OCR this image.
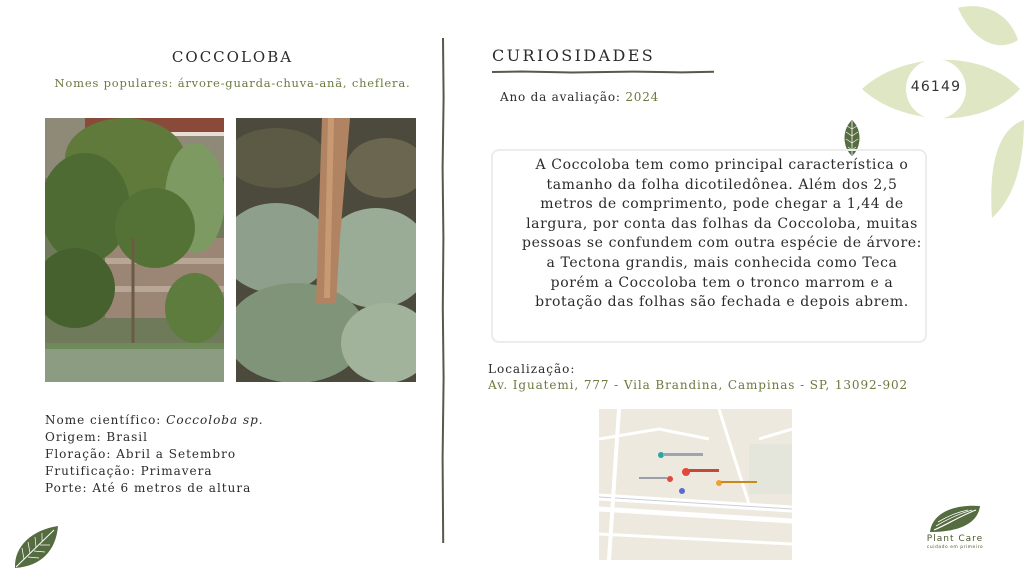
COCCOLOBA
Nomes populares: árvore-guarda-chuva-anã, cheflera.
Nome científico: Coccoloba sp.
Origem: Brasil
Floração: Abril a Setembro
Frutificação: Primavera
Porte: Até 6 metros de altura
CURIOSIDADES
Ano da avaliação: 2024
A Coccoloba tem como principal característica o tamanho da folha dicotiledônea. Além dos 2,5 metros de comprimento, pode chegar a 1,44 de largura, por conta das folhas da Coccoloba, muitas pessoas se confundem com outra espécie de árvore: a Tectona grandis, mais conhecida como Teca porém a Coccoloba tem o tronco marrom e a brotação das folhas são fechada e depois abrem.
Localização:
Av. Iguatemi, 777 - Vila Brandina, Campinas - SP, 13092-902
46149
Plant Care
cuidado em primeiro
